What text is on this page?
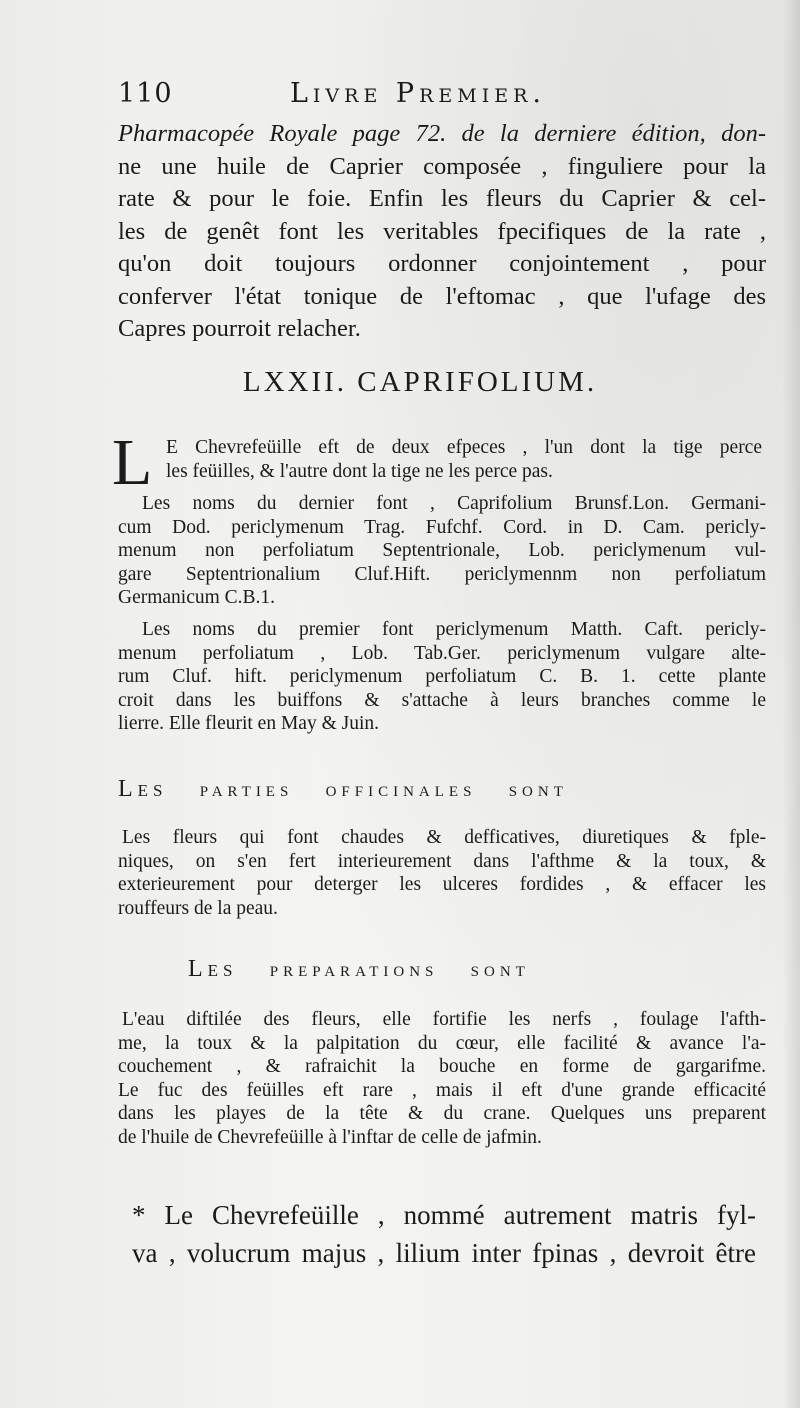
110	Livre Premier.
Pharmacopée Royale page 72. de la derniere édition, don-
ne une huile de Caprier composée , finguliere pour la
rate & pour le foie. Enfin les fleurs du Caprier & cel-
les de genêt font les veritables fpecifiques de la rate ,
qu'on doit toujours ordonner conjointement , pour
conferver l'état tonique de l'eftomac , que l'ufage des
Capres pourroit relacher.
LXXII. CAPRIFOLIUM.
L E Chevrefeüille eft de deux efpeces , l'un dont la tige perce
les feüilles, & l'autre dont la tige ne les perce pas.
Les noms du dernier font , Caprifolium Brunsf.Lon. Germani-
cum Dod. periclymenum Trag. Fufchf. Cord. in D. Cam. pericly-
menum non perfoliatum Septentrionale, Lob. periclymenum vul-
gare Septentrionalium Cluf.Hift. periclymennm non perfoliatum
Germanicum C.B.1.
Les noms du premier font periclymenum Matth. Caft. pericly-
menum perfoliatum , Lob. Tab.Ger. periclymenum vulgare alte-
rum Cluf. hift. periclymenum perfoliatum C. B. 1. cette plante
croit dans les buiffons & s'attache à leurs branches comme le
lierre. Elle fleurit en May & Juin.
Les parties officinales sont
Les fleurs qui font chaudes & defficatives, diuretiques & fple-
niques, on s'en fert interieurement dans l'afthme & la toux, &
exterieurement pour deterger les ulceres fordides , & effacer les
rouffeurs de la peau.
Les preparations sont
L'eau diftilée des fleurs, elle fortifie les nerfs , foulage l'afth-
me, la toux & la palpitation du cœur, elle facilité & avance l'a-
couchement , & rafraichit la bouche en forme de gargarifme.
Le fuc des feüilles eft rare , mais il eft d'une grande efficacité
dans les playes de la tête & du crane. Quelques uns preparent
de l'huile de Chevrefeüille à l'inftar de celle de jafmin.
* Le Chevrefeüille , nommé autrement matris fyl-
va , volucrum majus , lilium inter fpinas , devroit être
